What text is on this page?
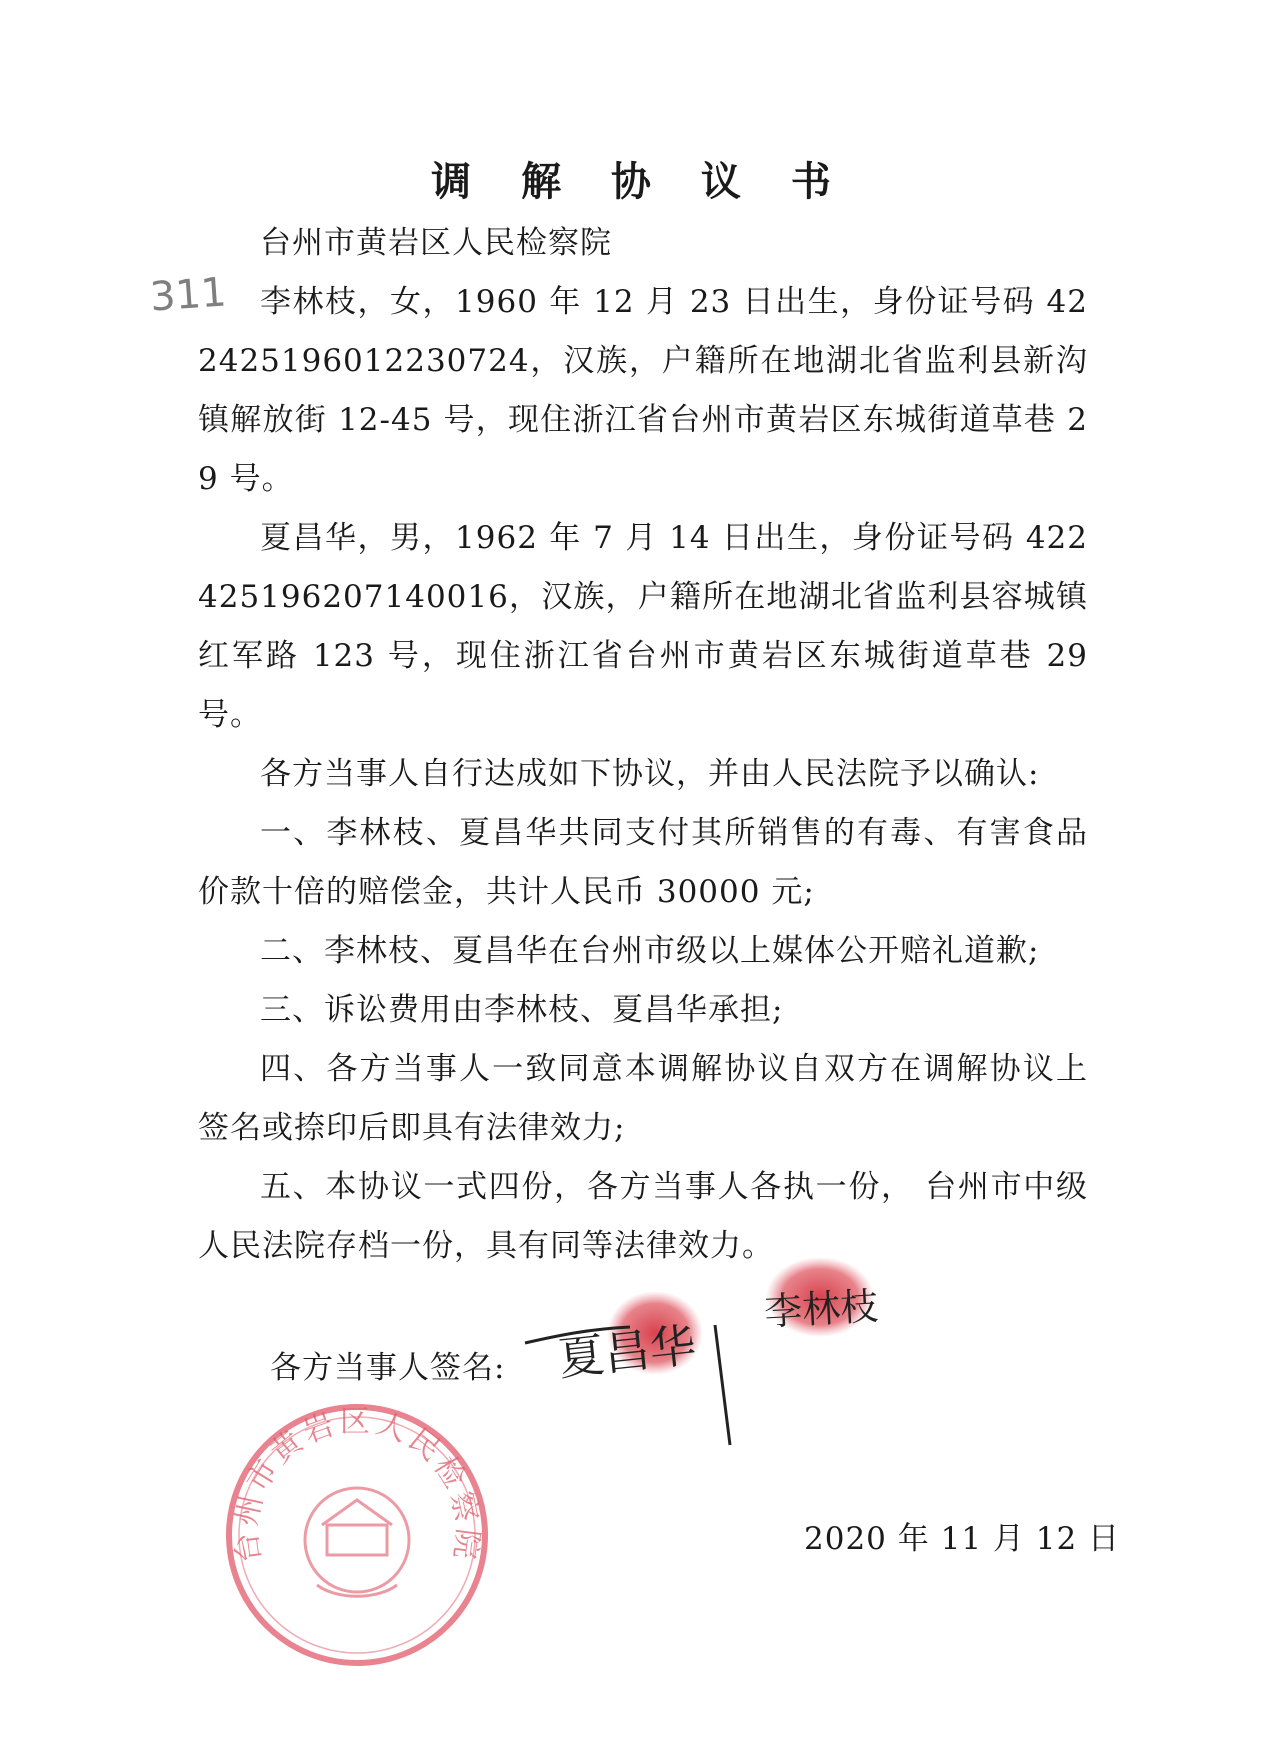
调 解 协 议 书
311

台州市黄岩区人民检察院

李林枝，女，1960 年 12 月 23 日出生，身份证号码 422425196012230724，汉族，户籍所在地湖北省监利县新沟镇解放街 12-45 号，现住浙江省台州市黄岩区东城街道草巷 29 号。

夏昌华，男，1962 年 7 月 14 日出生，身份证号码 422425196207140016，汉族，户籍所在地湖北省监利县容城镇红军路 123 号，现住浙江省台州市黄岩区东城街道草巷 29 号。

各方当事人自行达成如下协议，并由人民法院予以确认:

一、李林枝、夏昌华共同支付其所销售的有毒、有害食品价款十倍的赔偿金，共计人民币 30000 元;

二、李林枝、夏昌华在台州市级以上媒体公开赔礼道歉;

三、诉讼费用由李林枝、夏昌华承担;

四、各方当事人一致同意本调解协议自双方在调解协议上签名或捺印后即具有法律效力;

五、本协议一式四份，各方当事人各执一份， 台州市中级人民法院存档一份，具有同等法律效力。

各方当事人签名: 夏昌华
李林枝
台州市黄岩区人民检察院	2020 年 11 月 12 日
